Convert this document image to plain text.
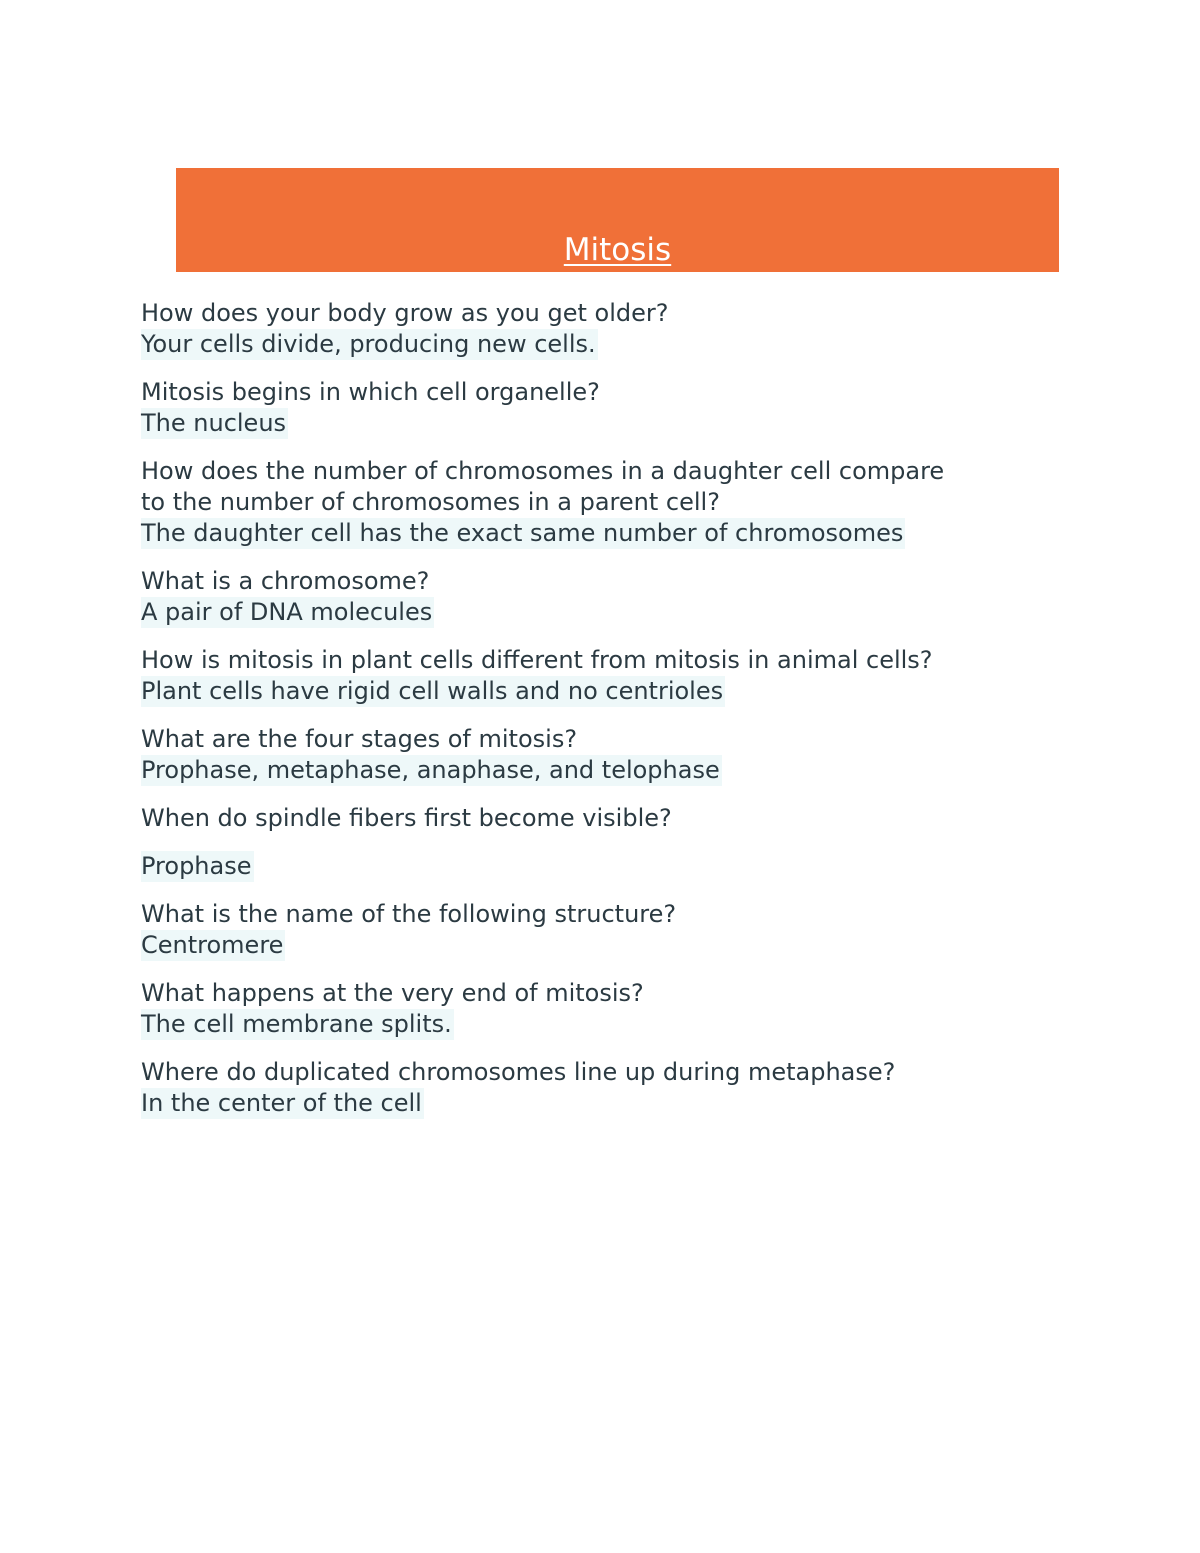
Mitosis
How does your body grow as you get older?
Your cells divide, producing new cells.
Mitosis begins in which cell organelle?
The nucleus
How does the number of chromosomes in a daughter cell compare
to the number of chromosomes in a parent cell?
The daughter cell has the exact same number of chromosomes
What is a chromosome?
A pair of DNA molecules
How is mitosis in plant cells different from mitosis in animal cells?
Plant cells have rigid cell walls and no centrioles
What are the four stages of mitosis?
Prophase, metaphase, anaphase, and telophase
When do spindle fibers first become visible?
Prophase
What is the name of the following structure?
Centromere
What happens at the very end of mitosis?
The cell membrane splits.
Where do duplicated chromosomes line up during metaphase?
In the center of the cell
